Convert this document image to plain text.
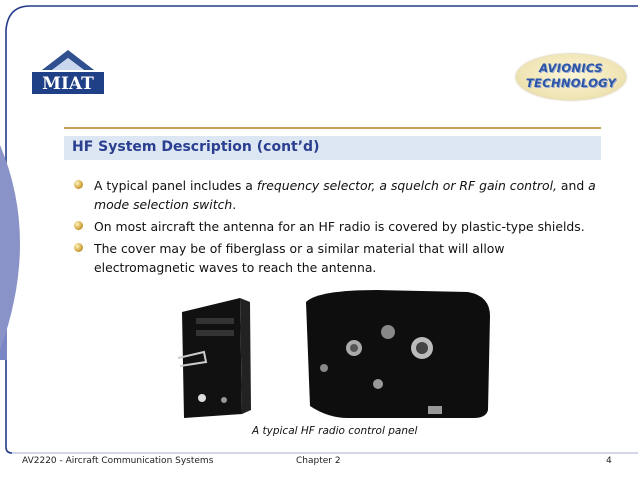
MIAT
AVIONICS
TECHNOLOGY
HF System Description (cont’d)
A typical panel includes a frequency selector, a squelch or RF gain control, and a mode selection switch.
On most aircraft the antenna for an HF radio is covered by plastic-type shields.
The cover may be of fiberglass or a similar material that will allow electromagnetic waves to reach the antenna.
A typical HF radio control panel
AV2220 - Aircraft Communication Systems	Chapter 2	4
